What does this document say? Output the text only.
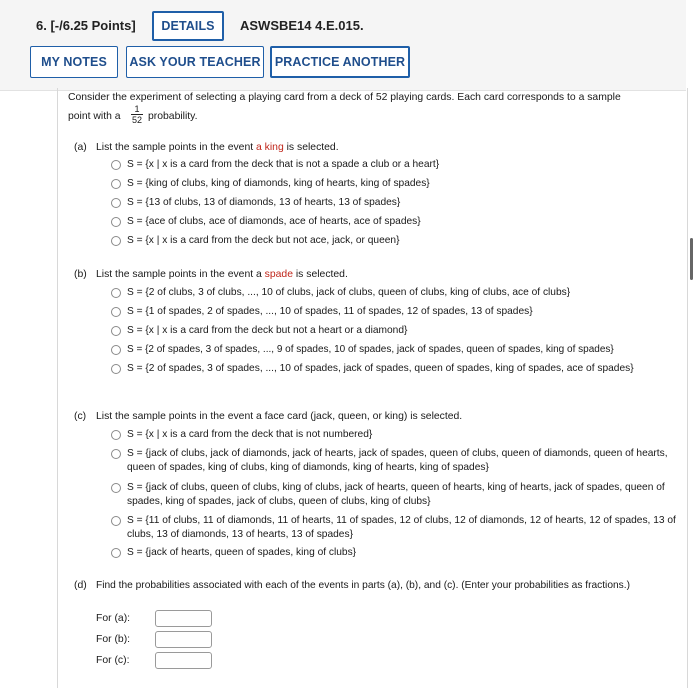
6. [-/6.25 Points]	DETAILS	ASWSBE14 4.E.015.
MY NOTES	ASK YOUR TEACHER	PRACTICE ANOTHER
Consider the experiment of selecting a playing card from a deck of 52 playing cards. Each card corresponds to a sample
point with a $\frac{1}{52}$ probability.
(a) List the sample points in the event a king is selected.
S = {x | x is a card from the deck that is not a spade a club or a heart}
S = {king of clubs, king of diamonds, king of hearts, king of spades}
S = {13 of clubs, 13 of diamonds, 13 of hearts, 13 of spades}
S = {ace of clubs, ace of diamonds, ace of hearts, ace of spades}
S = {x | x is a card from the deck but not ace, jack, or queen}
(b) List the sample points in the event a spade is selected.
S = {2 of clubs, 3 of clubs, ..., 10 of clubs, jack of clubs, queen of clubs, king of clubs, ace of clubs}
S = {1 of spades, 2 of spades, ..., 10 of spades, 11 of spades, 12 of spades, 13 of spades}
S = {x | x is a card from the deck but not a heart or a diamond}
S = {2 of spades, 3 of spades, ..., 9 of spades, 10 of spades, jack of spades, queen of spades, king of spades}
S = {2 of spades, 3 of spades, ..., 10 of spades, jack of spades, queen of spades, king of spades, ace of spades}
(c) List the sample points in the event a face card (jack, queen, or king) is selected.
S = {x | x is a card from the deck that is not numbered}
S = {jack of clubs, jack of diamonds, jack of hearts, jack of spades, queen of clubs, queen of diamonds, queen of hearts, queen of spades, king of clubs, king of diamonds, king of hearts, king of spades}
S = {jack of clubs, queen of clubs, king of clubs, jack of hearts, queen of hearts, king of hearts, jack of spades, queen of spades, king of spades, jack of clubs, queen of clubs, king of clubs}
S = {11 of clubs, 11 of diamonds, 11 of hearts, 11 of spades, 12 of clubs, 12 of diamonds, 12 of hearts, 12 of spades, 13 of clubs, 13 of diamonds, 13 of hearts, 13 of spades}
S = {jack of hearts, queen of spades, king of clubs}
(d) Find the probabilities associated with each of the events in parts (a), (b), and (c). (Enter your probabilities as fractions.)
For (a):
For (b):
For (c):
